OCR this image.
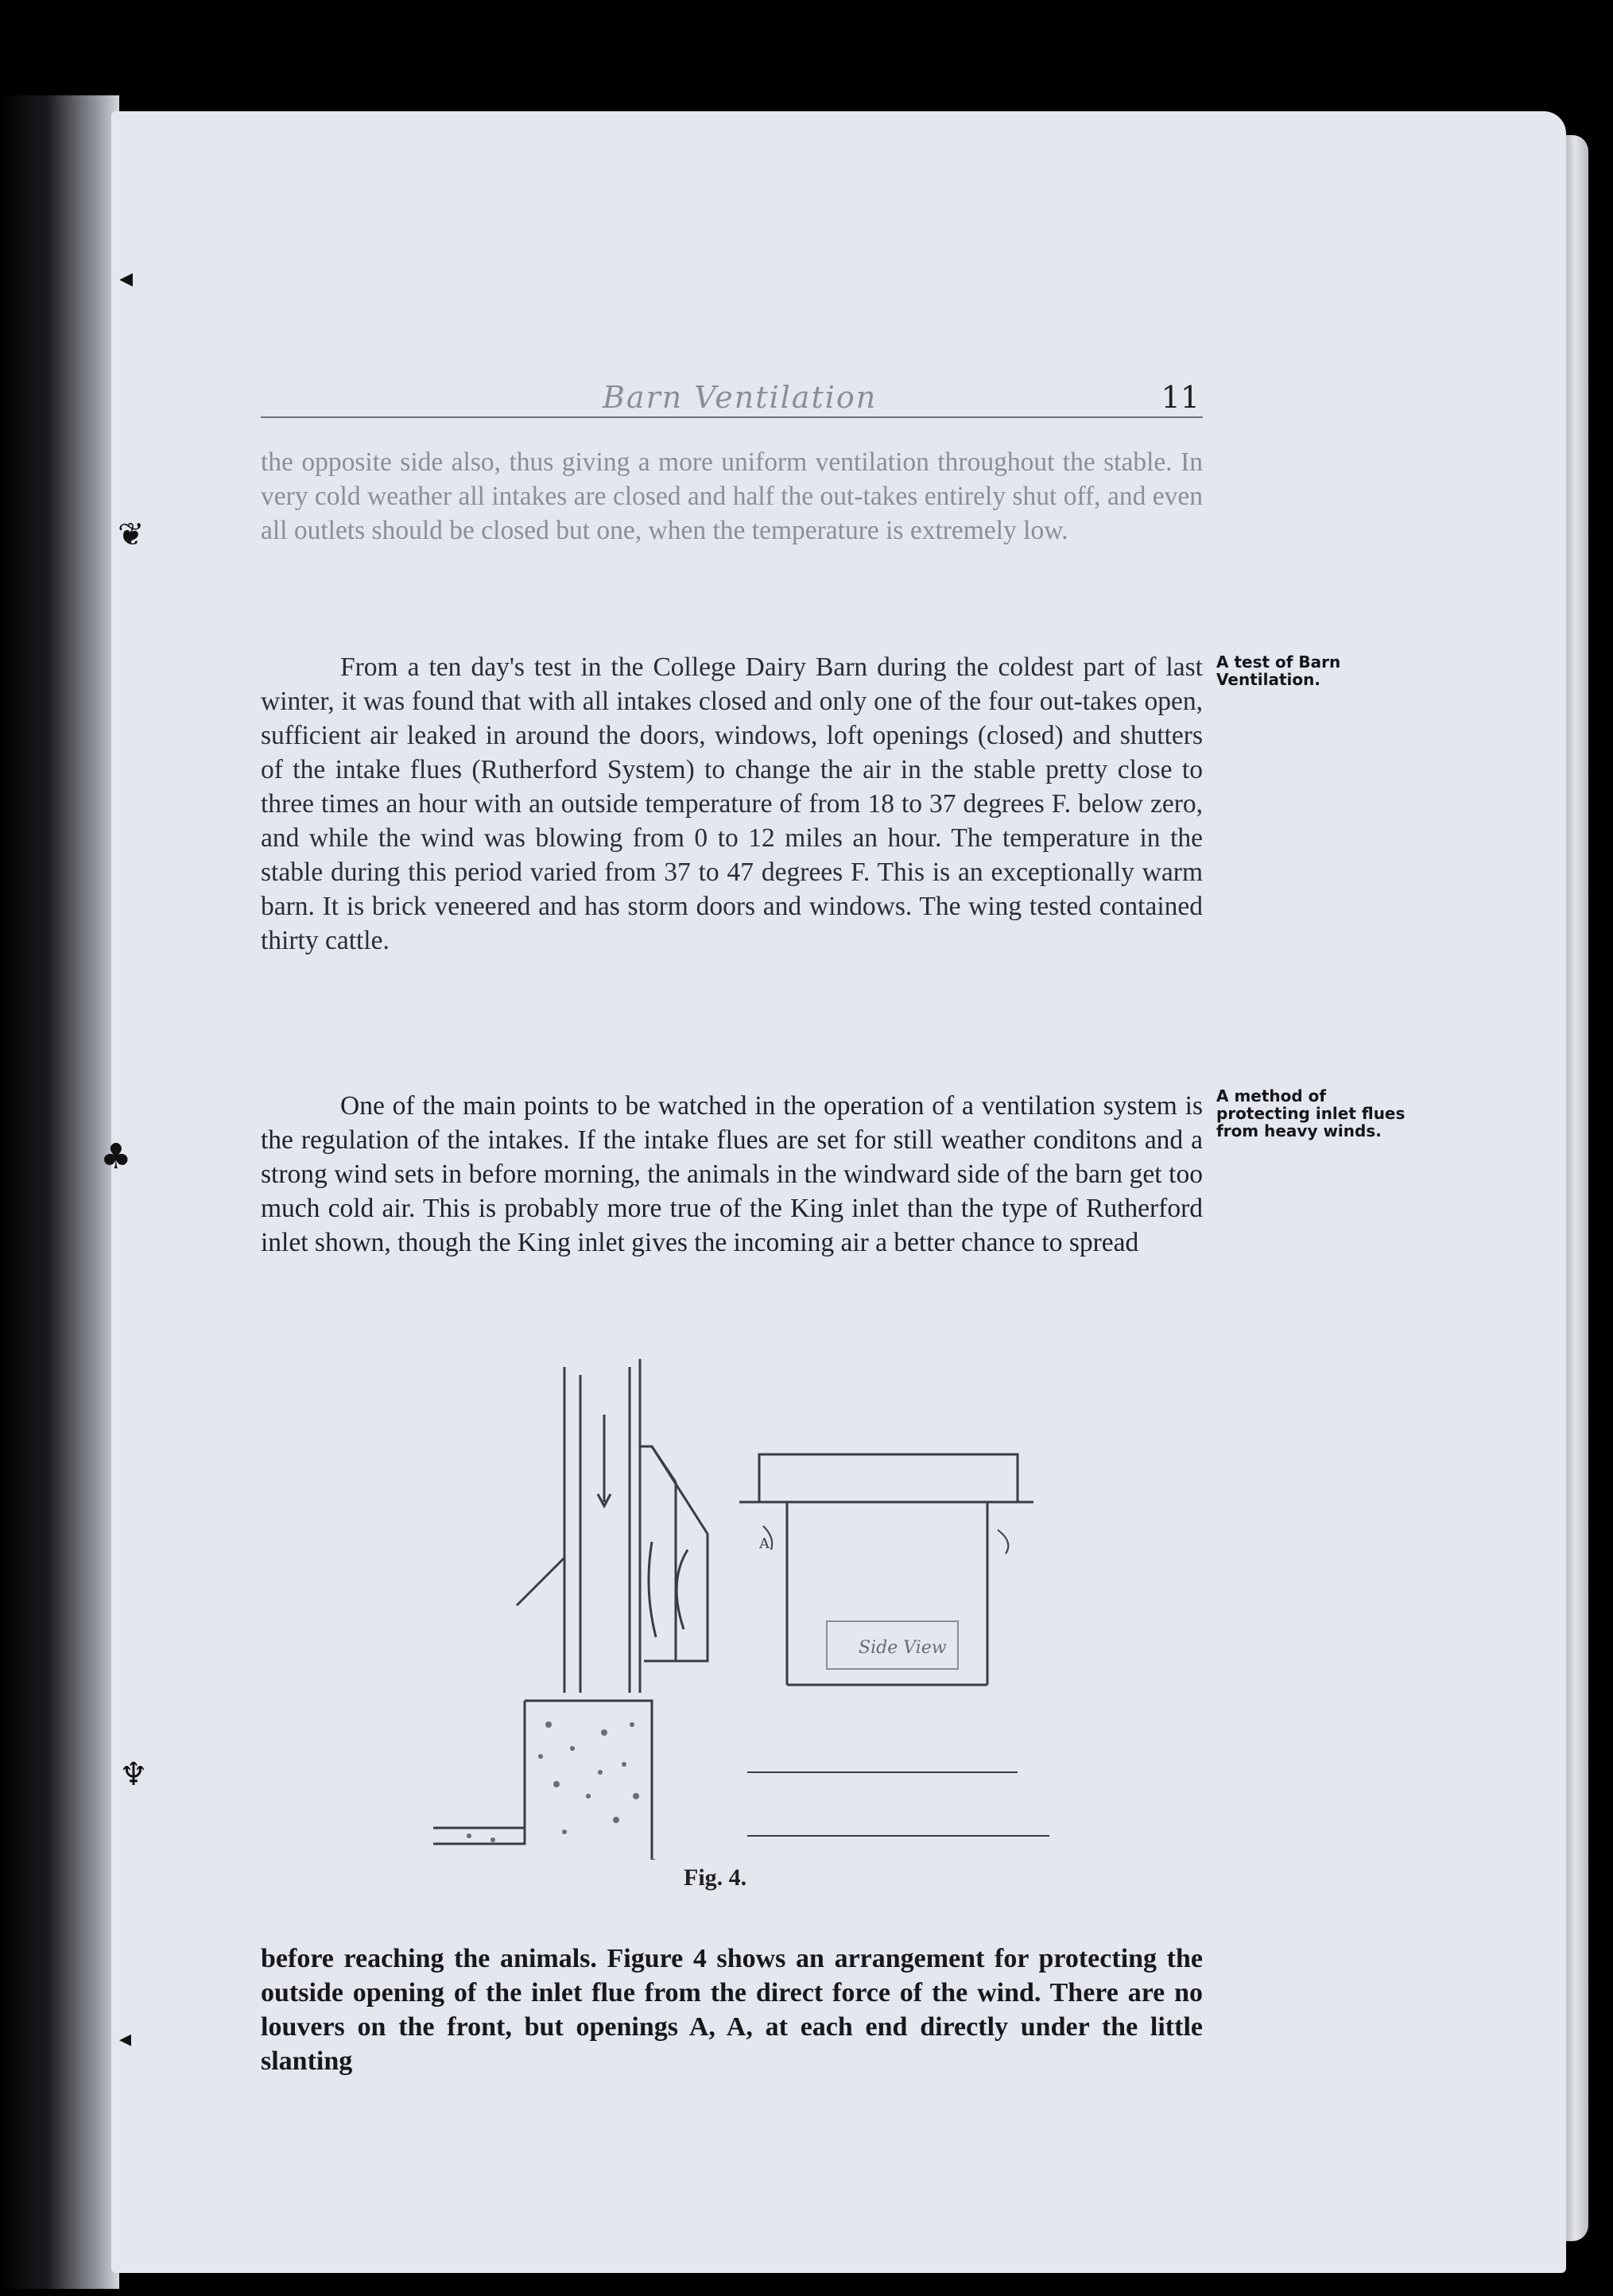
◂
❦
♣
♆
◂
Barn Ventilation	11

the opposite side also, thus giving a more uniform ventilation throughout the stable. In very cold weather all intakes are closed and half the out-takes entirely shut off, and even all outlets should be closed but one, when the temperature is extremely low.

From a ten day's test in the College Dairy Barn during the coldest part of last winter, it was found that with all intakes closed and only one of the four out-takes open, sufficient air leaked in around the doors, windows, loft openings (closed) and shutters of the intake flues (Rutherford System) to change the air in the stable pretty close to three times an hour with an outside temperature of from 18 to 37 degrees F. below zero, and while the wind was blowing from 0 to 12 miles an hour. The temperature in the stable during this period varied from 37 to 47 degrees F. This is an exceptionally warm barn. It is brick veneered and has storm doors and windows. The wing tested contained thirty cattle.

One of the main points to be watched in the operation of a ventilation system is the regulation of the intakes. If the intake flues are set for still weather conditons and a strong wind sets in before morning, the animals in the windward side of the barn get too much cold air. This is probably more true of the King inlet than the type of Rutherford inlet shown, though the King inlet gives the incoming air a better chance to spread

A test of Barn Ventilation.

A method of protecting inlet flues from heavy winds.

Side View
A
Fig. 4.

before reaching the animals. Figure 4 shows an arrangement for protecting the outside opening of the inlet flue from the direct force of the wind. There are no louvers on the front, but openings A, A, at each end directly under the little slanting
